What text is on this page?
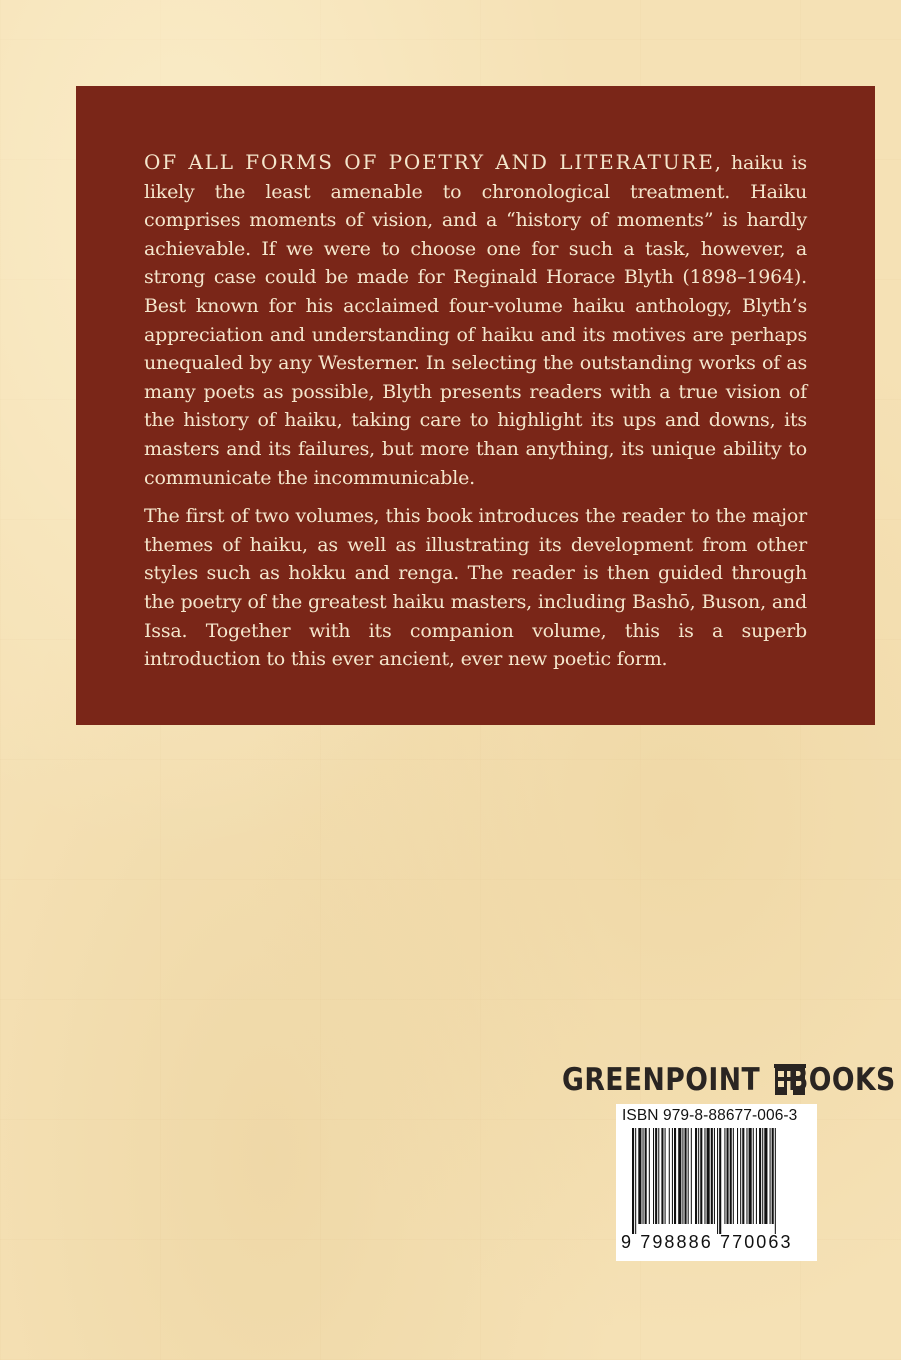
OF ALL FORMS OF POETRY AND LITERATURE, haiku is likely the least amenable to chronological treatment. Haiku comprises moments of vision, and a “history of moments” is hardly achievable. If we were to choose one for such a task, however, a strong case could be made for Reginald Horace Blyth (1898–1964). Best known for his acclaimed four-volume haiku anthology, Blyth’s appreciation and understanding of haiku and its motives are perhaps unequaled by any Westerner. In selecting the outstanding works of as many poets as possible, Blyth presents readers with a true vision of the history of haiku, taking care to highlight its ups and downs, its masters and its failures, but more than anything, its unique ability to communicate the incommunicable.

The first of two volumes, this book introduces the reader to the major themes of haiku, as well as illustrating its development from other styles such as hokku and renga. The reader is then guided through the poetry of the greatest haiku masters, including Bashō, Buson, and Issa. Together with its companion volume, this is a superb introduction to this ever ancient, ever new poetic form.

GREENPOINT BOOKS
ISBN 979-8-88677-006-3
9 798886 770063
